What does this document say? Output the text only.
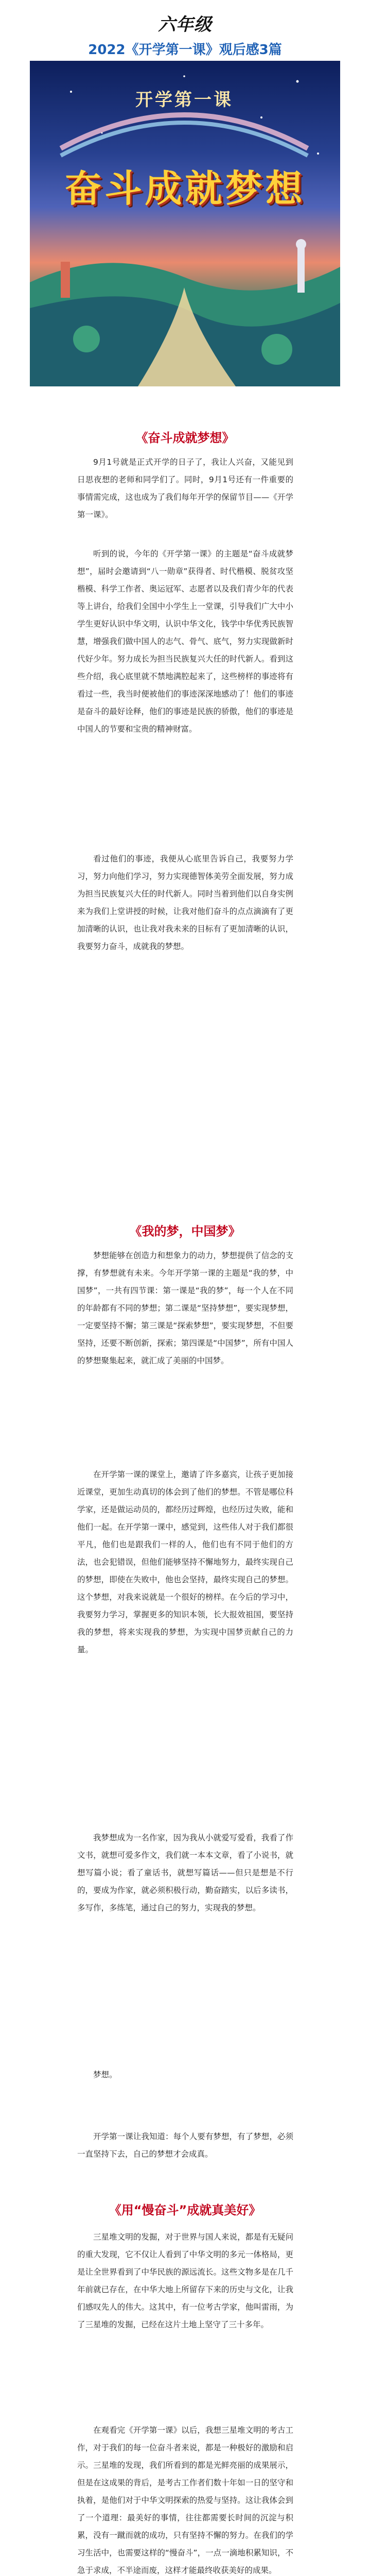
六年级
2022《开学第一课》观后感3篇
开学第一课
奋斗成就梦想
《奋斗成就梦想》

9月1号就是正式开学的日子了，我让人兴奋，又能见到日思夜想的老师和同学们了。同时，9月1号还有一件重要的事情需完成，这也成为了我们每年开学的保留节目——《开学第一课》。

听到的说，今年的《开学第一课》的主题是“奋斗成就梦想”，届时会邀请到“八一勋章”获得者、时代楷模、脱贫攻坚楷模、科学工作者、奥运冠军、志愿者以及我们青少年的代表等上讲台，给我们全国中小学生上一堂课，引导我们广大中小学生更好认识中华文明，认识中华文化，钱学中华优秀民族智慧，增强我们做中国人的志气、骨气、底气，努力实现做新时代好少年。努力成长为担当民族复兴大任的时代新人。看到这些介绍，我心底里就不禁地满腔起来了，这些榜样的事迹将有看过一些，我当时便被他们的事迹深深地感动了！他们的事迹是奋斗的最好诠释，他们的事迹是民族的骄傲，他们的事迹是中国人的节要和宝贵的精神财富。

看过他们的事迹，我便从心底里告诉自己，我要努力学习，努力向他们学习，努力实现德智体美劳全面发展，努力成为担当民族复兴大任的时代新人。同时当着到他们以自身实例来为我们上堂讲授的时候，让我对他们奋斗的点点滴滴有了更加清晰的认识，也让我对我未来的目标有了更加清晰的认识，我要努力奋斗，成就我的梦想。

《我的梦，中国梦》

梦想能够在创造力和想象力的动力，梦想提供了信念的支撑，有梦想就有未来。今年开学第一课的主题是“我的梦，中国梦”，一共有四节课：第一课是“我的梦”，每一个人在不同的年龄都有不同的梦想；第二课是“坚持梦想”，要实现梦想，一定要坚持不懈；第三课是“探索梦想”，要实现梦想，不但要坚持，还要不断创新，探索；第四课是“中国梦”，所有中国人的梦想聚集起来，就汇成了美丽的中国梦。

在开学第一课的课堂上，邀请了许多嘉宾，让孩子更加接近课堂，更加生动真切的体会到了他们的梦想。不管是哪位科学家，还是做运动员的，都经历过辉煌，也经历过失败，能和他们一起。在开学第一课中，感觉到，这些伟人对于我们都很平凡，他们也是跟我们一样的人，他们也有不同于他们的方法，也会犯错误，但他们能够坚持不懈地努力，最终实现自己的梦想，即使在失败中，他也会坚持，最终实现自己的梦想。这个梦想，对我来说就是一个很好的榜样。在今后的学习中，我要努力学习，掌握更多的知识本领，长大报效祖国，要坚持我的梦想，将来实现我的梦想，为实现中国梦贡献自己的力量。

我梦想成为一名作家，因为我从小就爱写爱看，我看了作文书，就想可爱多作文，我们就一本本文章，看了小说书，就想写篇小说；看了童话书，就想写篇话——但只是想是不行的，要成为作家，就必须积极行动，勤奋踏实，以后多读书，多写作，多练笔，通过自己的努力，实现我的梦想。

梦想。

开学第一课让我知道：每个人要有梦想，有了梦想，必须一直坚持下去，自己的梦想才会成真。

《用“慢奋斗”成就真美好》

三星堆文明的发掘，对于世界与国人来说，都是有无疑问的重大发现，它不仅让人看到了中华文明的多元一体格局，更是让全世界看到了中华民族的源远流长。这些文物多是在几千年前就已存在，在中华大地上所留存下来的历史与文化，让我们感叹先人的伟大。这其中，有一位考古学家，他叫雷雨，为了三星堆的发掘，已经在这片土地上坚守了三十多年。

在观看完《开学第一课》以后，我想三星堆文明的考古工作，对于我们的每一位奋斗者来说，都是一种极好的激励和启示。三星堆的发现，我们所看到的都是光鲜亮丽的成果展示，但是在这成果的背后，是考古工作者们数十年如一日的坚守和执着，是他们对于中华文明探索的热爱与坚持。这让我体会到了一个道理：最美好的事情，往往都需要长时间的沉淀与积累，没有一蹴而就的成功，只有坚持不懈的努力。在我们的学习生活中，也需要这样的“慢奋斗”，一点一滴地积累知识，不急于求成，不半途而废，这样才能最终收获美好的成果。
